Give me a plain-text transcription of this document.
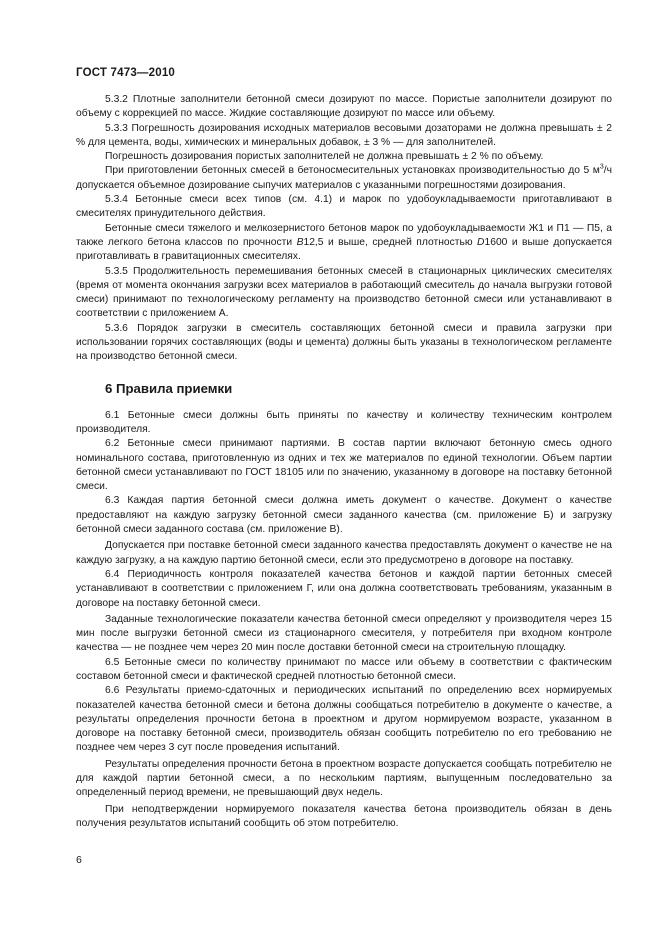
ГОСТ 7473—2010

5.3.2 Плотные заполнители бетонной смеси дозируют по массе. Пористые заполнители дозируют по объему с коррекцией по массе. Жидкие составляющие дозируют по массе или объему.

5.3.3 Погрешность дозирования исходных материалов весовыми дозаторами не должна превышать ± 2 % для цемента, воды, химических и минеральных добавок, ± 3 % — для заполнителей.

Погрешность дозирования пористых заполнителей не должна превышать ± 2 % по объему.

При приготовлении бетонных смесей в бетоносмесительных установках производительностью до 5 $м^3/ч$ допускается объемное дозирование сыпучих материалов с указанными погрешностями дозирования.

5.3.4 Бетонные смеси всех типов (см. 4.1) и марок по удобоукладываемости приготавливают в смесителях принудительного действия.

Бетонные смеси тяжелого и мелкозернистого бетонов марок по удобоукладываемости Ж1 и П1 — П5, а также легкого бетона классов по прочности B12,5 и выше, средней плотностью D1600 и выше допускается приготавливать в гравитационных смесителях.

5.3.5 Продолжительность перемешивания бетонных смесей в стационарных циклических смесителях (время от момента окончания загрузки всех материалов в работающий смеситель до начала выгрузки готовой смеси) принимают по технологическому регламенту на производство бетонной смеси или устанавливают в соответствии с приложением А.

5.3.6 Порядок загрузки в смеситель составляющих бетонной смеси и правила загрузки при использовании горячих составляющих (воды и цемента) должны быть указаны в технологическом регламенте на производство бетонной смеси.

6 Правила приемки

6.1 Бетонные смеси должны быть приняты по качеству и количеству техническим контролем производителя.

6.2 Бетонные смеси принимают партиями. В состав партии включают бетонную смесь одного номинального состава, приготовленную из одних и тех же материалов по единой технологии. Объем партии бетонной смеси устанавливают по ГОСТ 18105 или по значению, указанному в договоре на поставку бетонной смеси.

6.3 Каждая партия бетонной смеси должна иметь документ о качестве. Документ о качестве предоставляют на каждую загрузку бетонной смеси заданного качества (см. приложение Б) и загрузку бетонной смеси заданного состава (см. приложение В).

Допускается при поставке бетонной смеси заданного качества предоставлять документ о качестве не на каждую загрузку, а на каждую партию бетонной смеси, если это предусмотрено в договоре на поставку.

6.4 Периодичность контроля показателей качества бетонов и каждой партии бетонных смесей устанавливают в соответствии с приложением Г, или она должна соответствовать требованиям, указанным в договоре на поставку бетонной смеси.

Заданные технологические показатели качества бетонной смеси определяют у производителя через 15 мин после выгрузки бетонной смеси из стационарного смесителя, у потребителя при входном контроле качества — не позднее чем через 20 мин после доставки бетонной смеси на строительную площадку.

6.5 Бетонные смеси по количеству принимают по массе или объему в соответствии с фактическим составом бетонной смеси и фактической средней плотностью бетонной смеси.

6.6 Результаты приемо-сдаточных и периодических испытаний по определению всех нормируемых показателей качества бетонной смеси и бетона должны сообщаться потребителю в документе о качестве, а результаты определения прочности бетона в проектном и другом нормируемом возрасте, указанном в договоре на поставку бетонной смеси, производитель обязан сообщить потребителю по его требованию не позднее чем через 3 сут после проведения испытаний.

Результаты определения прочности бетона в проектном возрасте допускается сообщать потребителю не для каждой партии бетонной смеси, а по нескольким партиям, выпущенным последовательно за определенный период времени, не превышающий двух недель.

При неподтверждении нормируемого показателя качества бетона производитель обязан в день получения результатов испытаний сообщить об этом потребителю.

6
